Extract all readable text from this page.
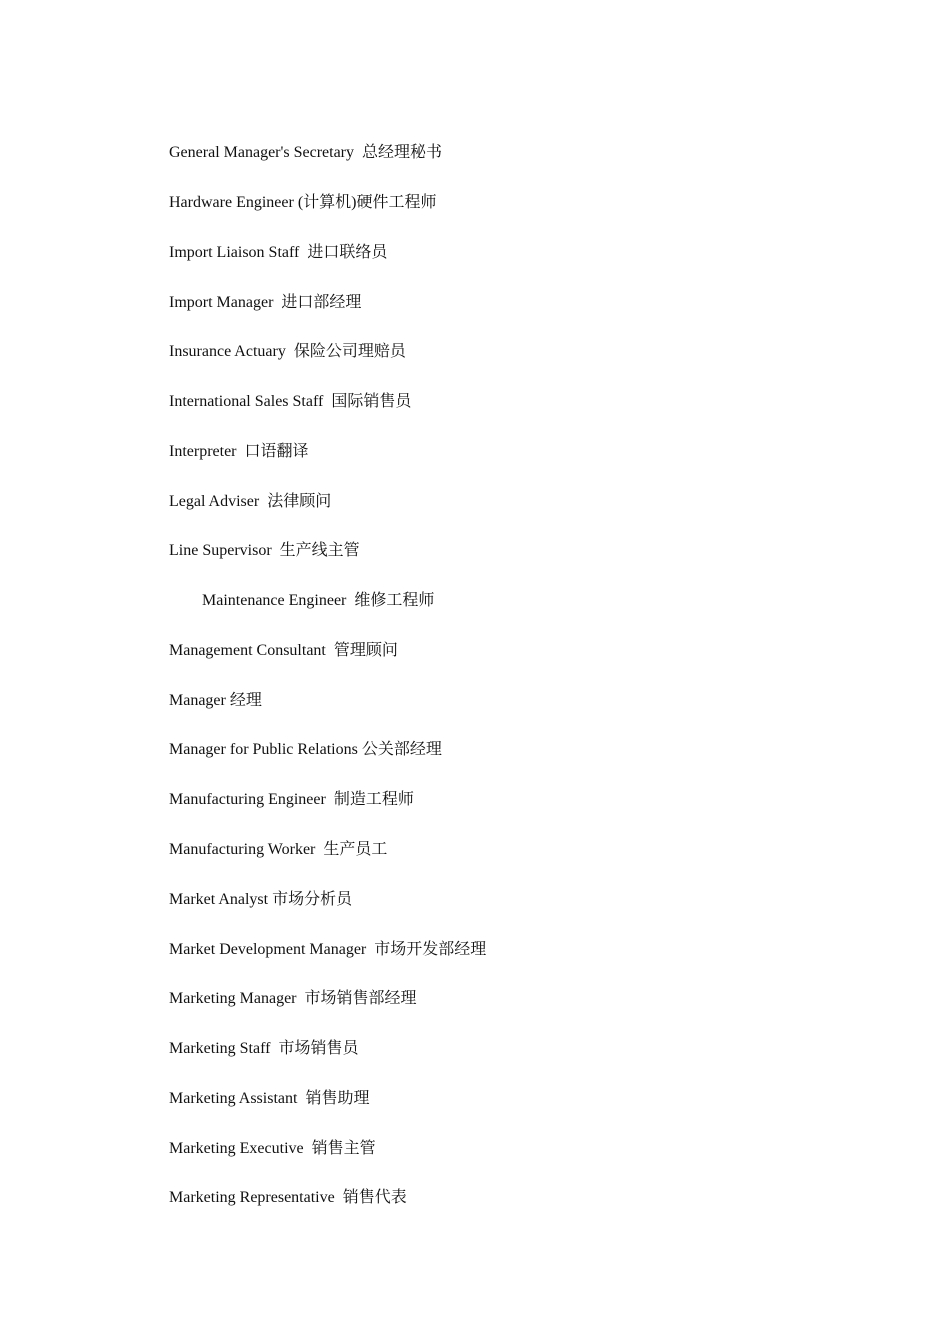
General Manager's Secretary  总经理秘书
Hardware Engineer (计算机)硬件工程师
Import Liaison Staff  进口联络员
Import Manager  进口部经理
Insurance Actuary  保险公司理赔员
International Sales Staff  国际销售员
Interpreter  口语翻译
Legal Adviser  法律顾问
Line Supervisor  生产线主管
Maintenance Engineer  维修工程师
Management Consultant  管理顾问
Manager 经理
Manager for Public Relations 公关部经理
Manufacturing Engineer  制造工程师
Manufacturing Worker  生产员工
Market Analyst 市场分析员
Market Development Manager  市场开发部经理
Marketing Manager  市场销售部经理
Marketing Staff  市场销售员
Marketing Assistant  销售助理
Marketing Executive  销售主管
Marketing Representative  销售代表
